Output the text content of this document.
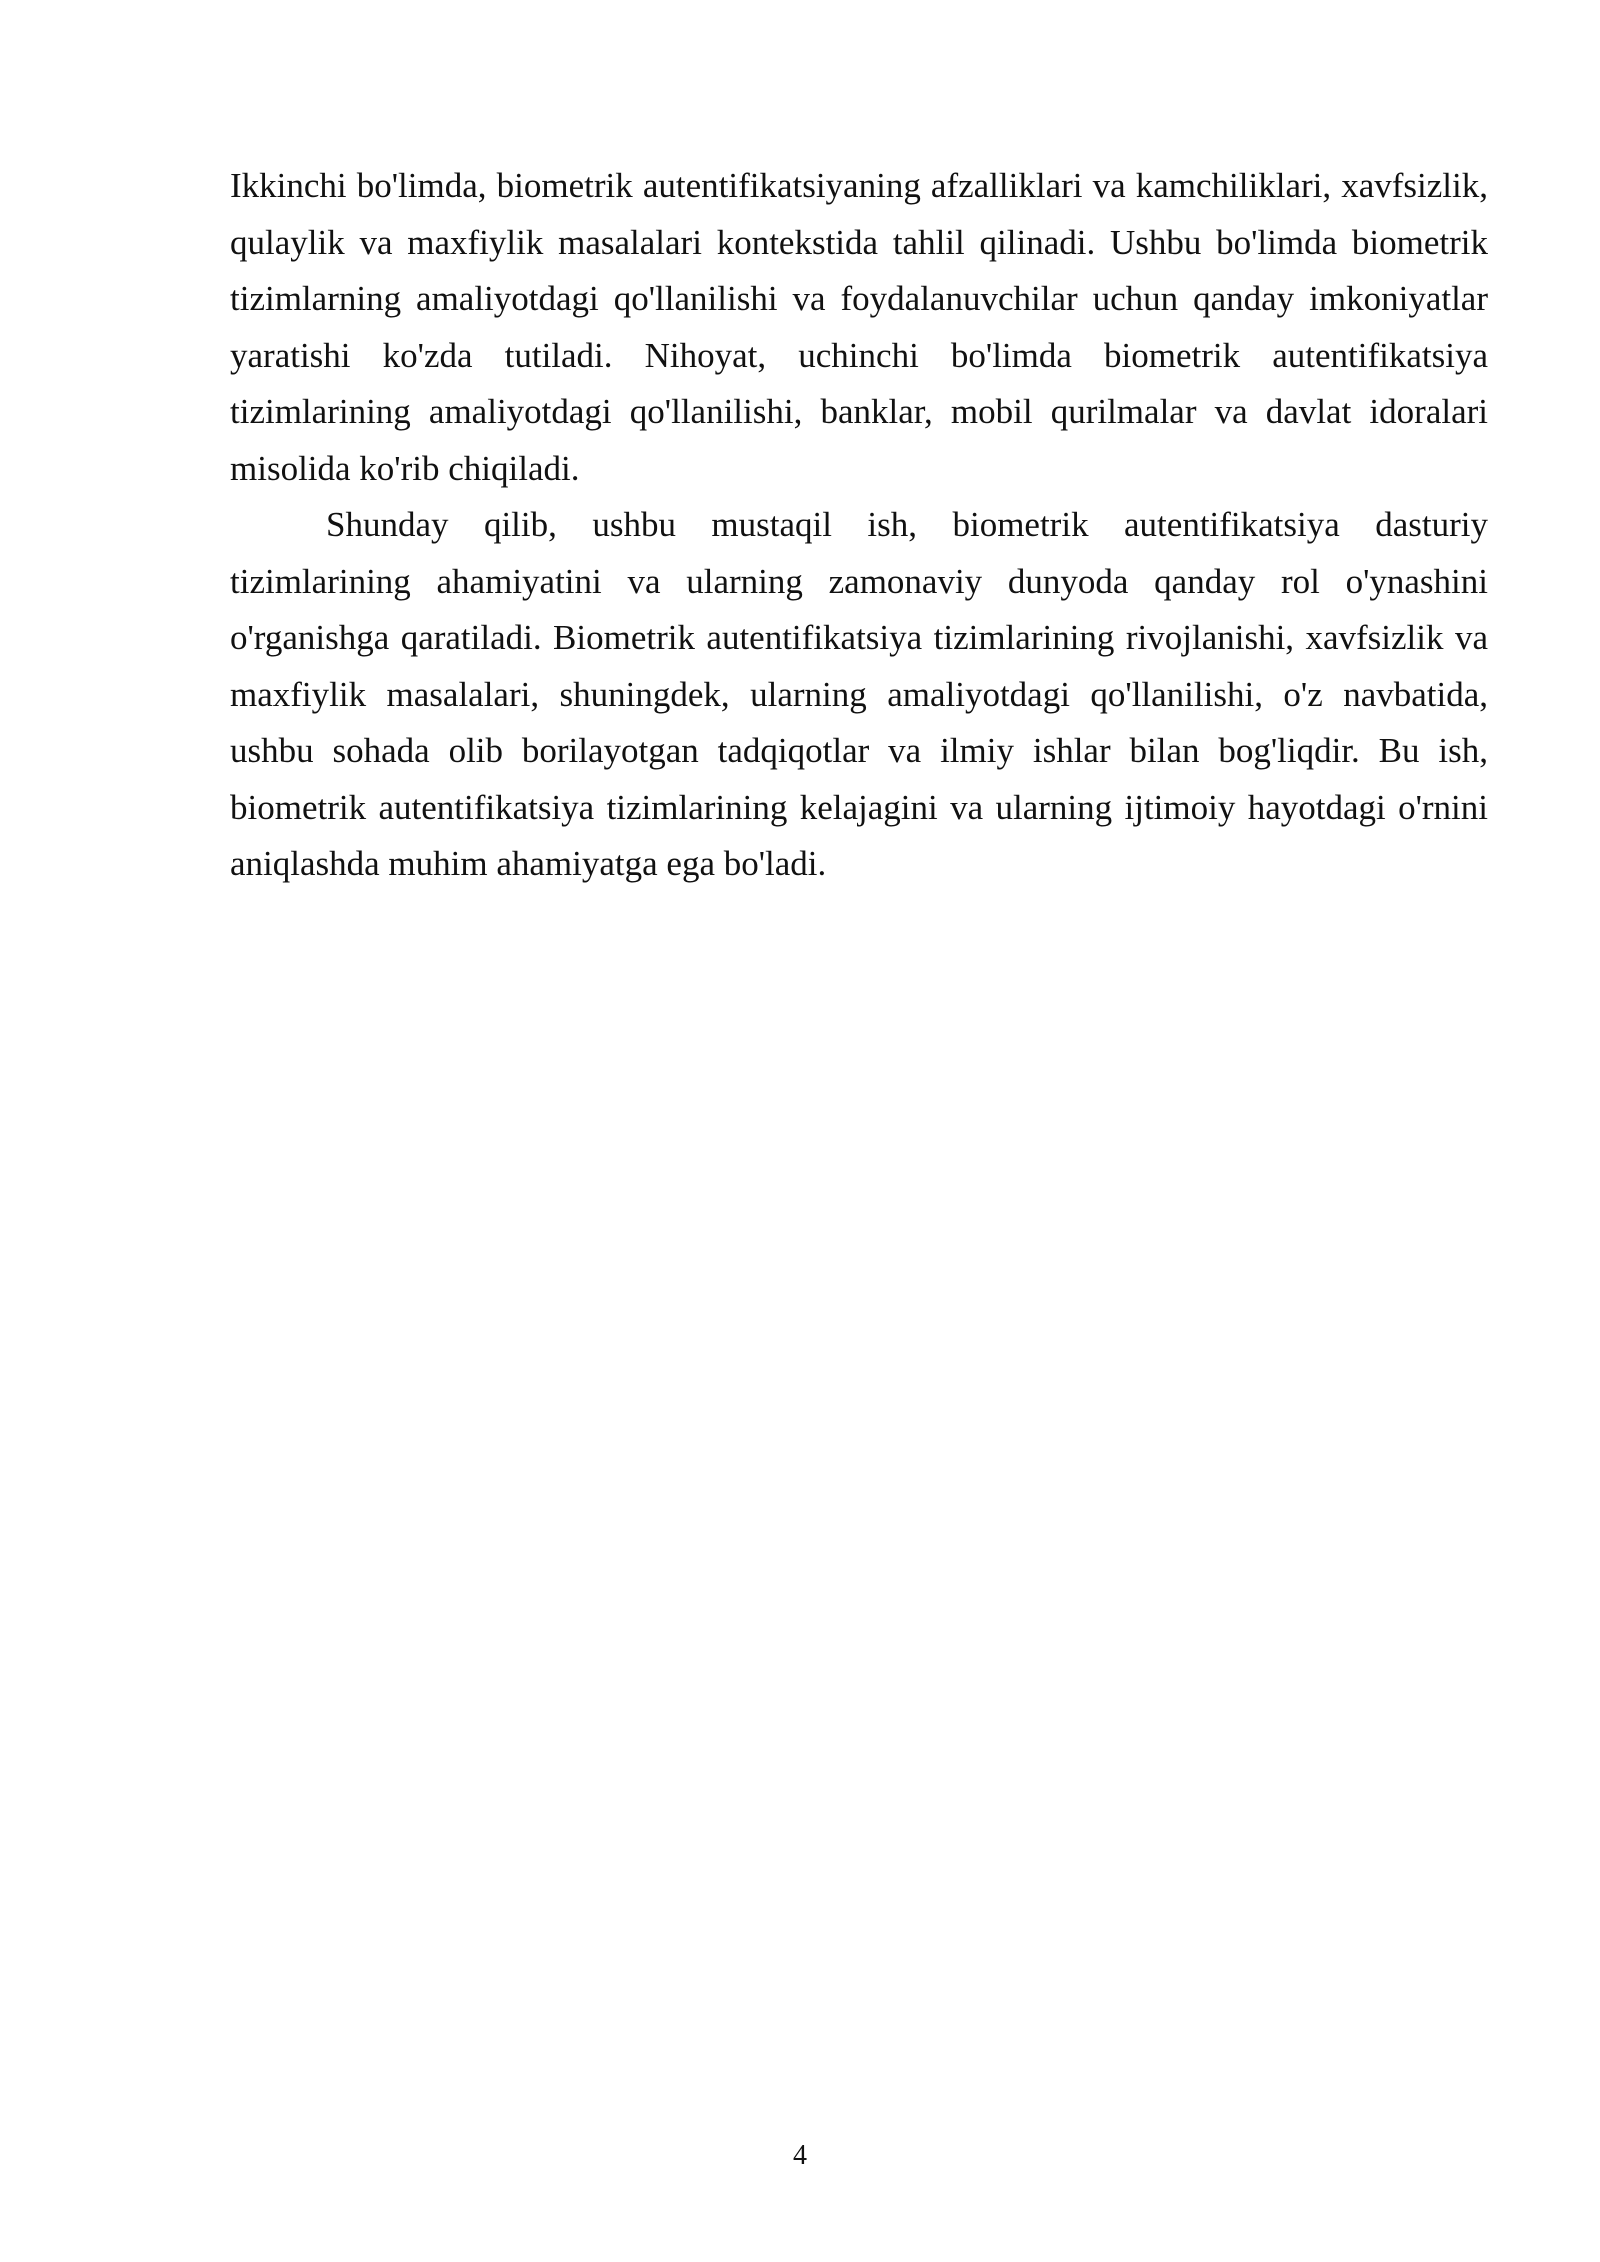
Ikkinchi bo'limda, biometrik autentifikatsiyaning afzalliklari va kamchiliklari, xavfsizlik, qulaylik va maxfiylik masalalari kontekstida tahlil qilinadi. Ushbu bo'limda biometrik tizimlarning amaliyotdagi qo'llanilishi va foydalanuvchilar uchun qanday imkoniyatlar yaratishi ko'zda tutiladi. Nihoyat, uchinchi bo'limda biometrik autentifikatsiya tizimlarining amaliyotdagi qo'llanilishi, banklar, mobil qurilmalar va davlat idoralari misolida ko'rib chiqiladi.

Shunday qilib, ushbu mustaqil ish, biometrik autentifikatsiya dasturiy tizimlarining ahamiyatini va ularning zamonaviy dunyoda qanday rol o'ynashini o'rganishga qaratiladi. Biometrik autentifikatsiya tizimlarining rivojlanishi, xavfsizlik va maxfiylik masalalari, shuningdek, ularning amaliyotdagi qo'llanilishi, o'z navbatida, ushbu sohada olib borilayotgan tadqiqotlar va ilmiy ishlar bilan bog'liqdir. Bu ish, biometrik autentifikatsiya tizimlarining kelajagini va ularning ijtimoiy hayotdagi o'rnini aniqlashda muhim ahamiyatga ega bo'ladi.

4
